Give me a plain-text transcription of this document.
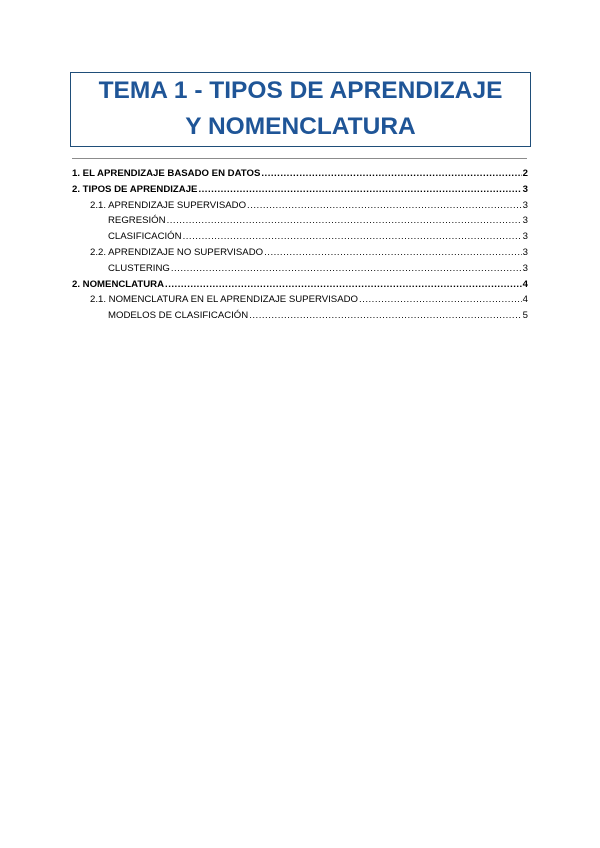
TEMA 1 - TIPOS DE APRENDIZAJE
Y NOMENCLATURA
1. EL APRENDIZAJE BASADO EN DATOS .....	2
2. TIPOS DE APRENDIZAJE .....	3
2.1. APRENDIZAJE SUPERVISADO .....	3
REGRESIÓN .....	3
CLASIFICACIÓN .....	3
2.2. APRENDIZAJE NO SUPERVISADO .....	3
CLUSTERING .....	3
2. NOMENCLATURA .....	4
2.1. NOMENCLATURA EN EL APRENDIZAJE SUPERVISADO .....	4
MODELOS DE CLASIFICACIÓN .....	5
